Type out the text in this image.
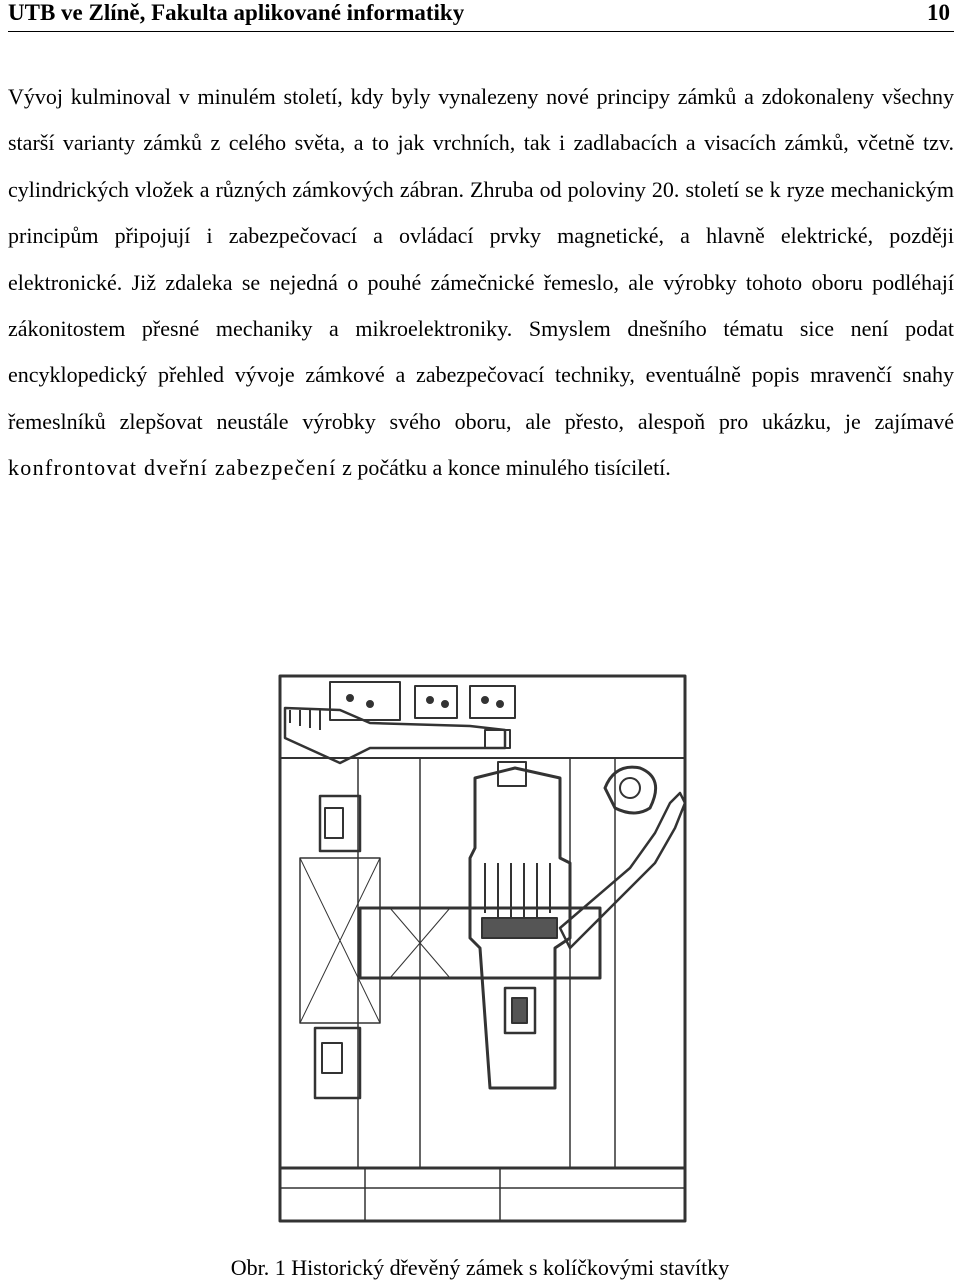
UTB ve Zlíně, Fakulta aplikované informatiky	10
Vývoj kulminoval v minulém století, kdy byly vynalezeny nové principy zámků a zdokonaleny všechny starší varianty zámků z celého světa, a to jak vrchních, tak i zadlabacích a visacích zámků, včetně tzv. cylindrických vložek a různých zámkových zábran. Zhruba od poloviny 20. století se k ryze mechanickým principům připojují i zabezpečovací a ovládací prvky magnetické, a hlavně elektrické, později elektronické. Již zdaleka se nejedná o pouhé zámečnické řemeslo, ale výrobky tohoto oboru podléhají zákonitostem přesné mechaniky a mikroelektroniky. Smyslem dnešního tématu sice není podat encyklopedický přehled vývoje zámkové a zabezpečovací techniky, eventuálně popis mravenčí snahy řemeslníků zlepšovat neustále výrobky svého oboru, ale přesto, alespoň pro ukázku, je zajímavé konfrontovat dveřní zabezpečení z počátku a konce minulého tisíciletí.
Obr. 1 Historický dřevěný zámek s kolíčkovými stavítky
